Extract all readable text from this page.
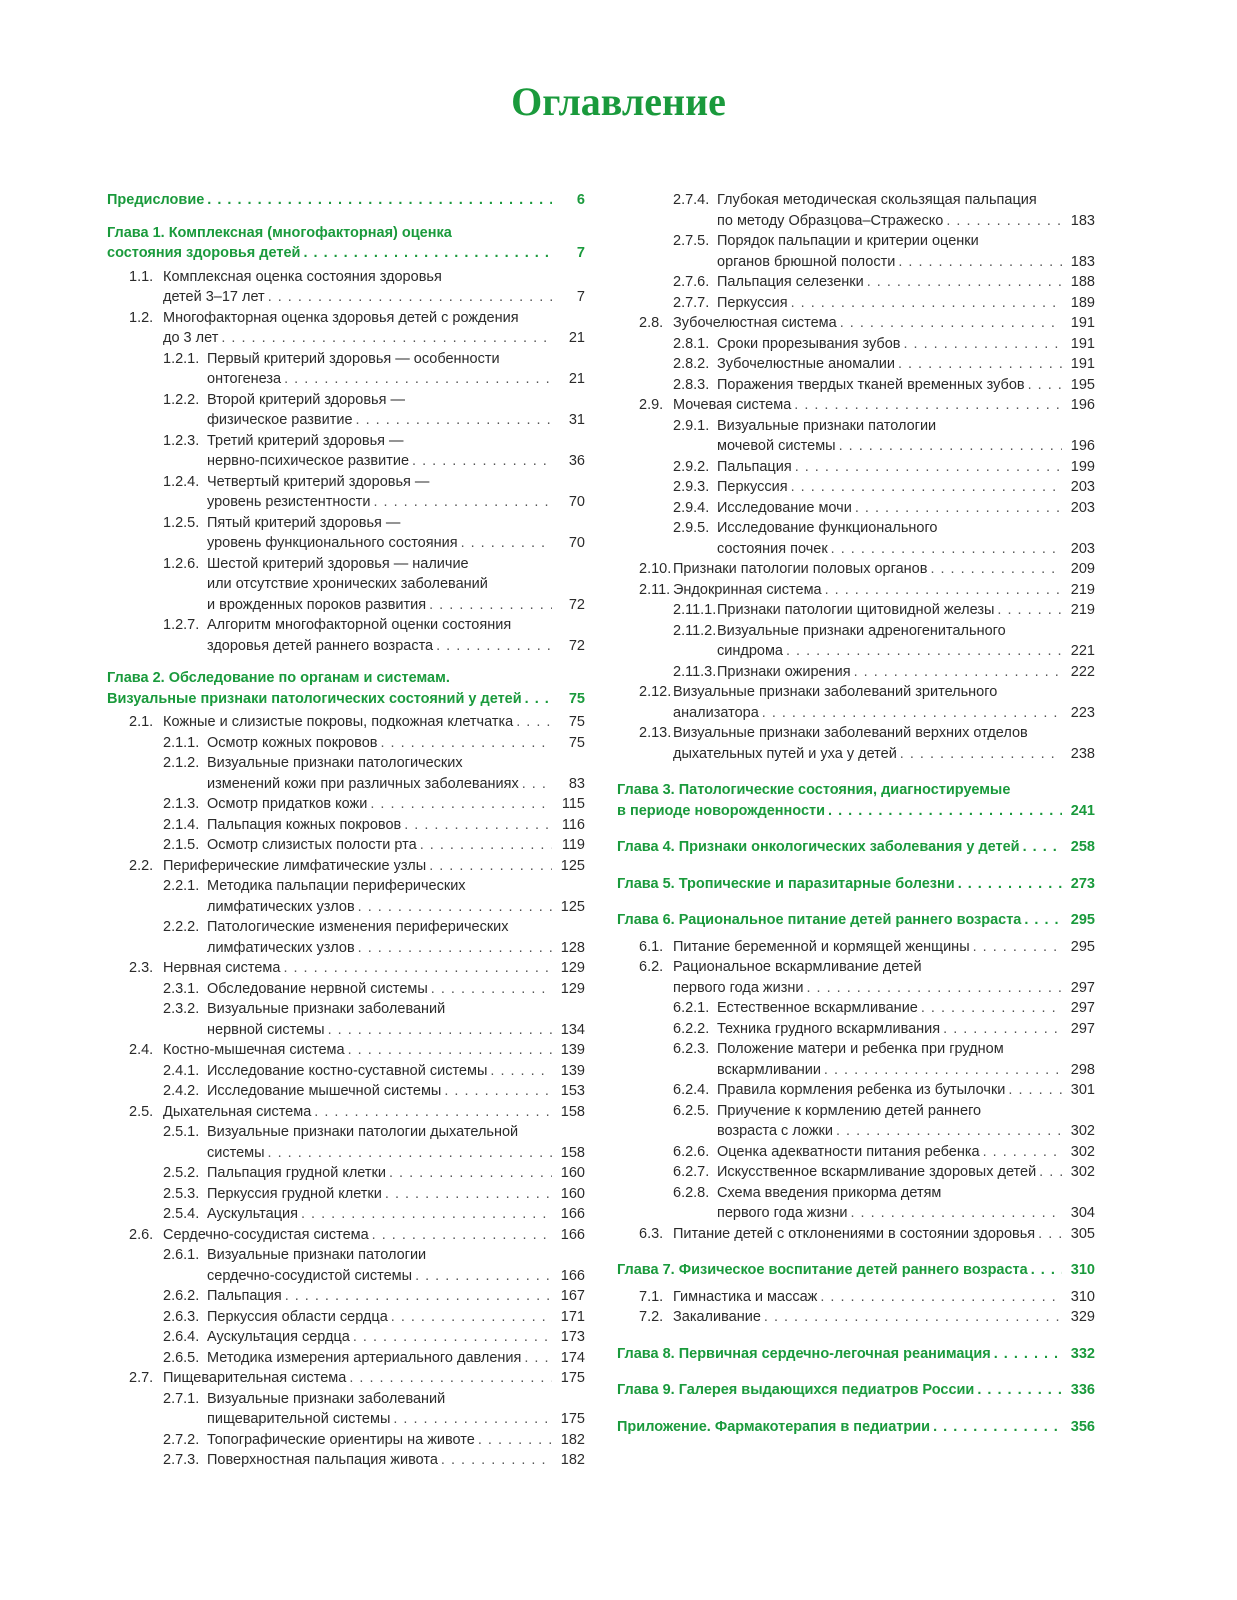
Оглавление
Предисловие . . .	6
Глава 1. Комплексная (многофакторная) оценка
состояния здоровья детей . . .	7
1.1. Комплексная оценка состояния здоровья
детей 3–17 лет . . .	7
1.2. Многофакторная оценка здоровья детей с рождения
до 3 лет . . .	21
1.2.1. Первый критерий здоровья — особенности
онтогенеза . . .	21
1.2.2. Второй критерий здоровья —
физическое развитие . . .	31
1.2.3. Третий критерий здоровья —
нервно-психическое развитие . . .	36
1.2.4. Четвертый критерий здоровья —
уровень резистентности . . .	70
1.2.5. Пятый критерий здоровья —
уровень функционального состояния . . .	70
1.2.6. Шестой критерий здоровья — наличие
или отсутствие хронических заболеваний
и врожденных пороков развития . . .	72
1.2.7. Алгоритм многофакторной оценки состояния
здоровья детей раннего возраста . . .	72
Глава 2. Обследование по органам и системам.
Визуальные признаки патологических состояний у детей . . .	75
2.1. Кожные и слизистые покровы, подкожная клетчатка . . .	75
2.1.1. Осмотр кожных покровов . . .	75
2.1.2. Визуальные признаки патологических
изменений кожи при различных заболеваниях . . .	83
2.1.3. Осмотр придатков кожи . . .	115
2.1.4. Пальпация кожных покровов . . .	116
2.1.5. Осмотр слизистых полости рта . . .	119
2.2. Периферические лимфатические узлы . . .	125
2.2.1. Методика пальпации периферических
лимфатических узлов . . .	125
2.2.2. Патологические изменения периферических
лимфатических узлов . . .	128
2.3. Нервная система . . .	129
2.3.1. Обследование нервной системы . . .	129
2.3.2. Визуальные признаки заболеваний
нервной системы . . .	134
2.4. Костно-мышечная система . . .	139
2.4.1. Исследование костно-суставной системы . . .	139
2.4.2. Исследование мышечной системы . . .	153
2.5. Дыхательная система . . .	158
2.5.1. Визуальные признаки патологии дыхательной
системы . . .	158
2.5.2. Пальпация грудной клетки . . .	160
2.5.3. Перкуссия грудной клетки . . .	160
2.5.4. Аускультация . . .	166
2.6. Сердечно-сосудистая система . . .	166
2.6.1. Визуальные признаки патологии
сердечно-сосудистой системы . . .	166
2.6.2. Пальпация . . .	167
2.6.3. Перкуссия области сердца . . .	171
2.6.4. Аускультация сердца . . .	173
2.6.5. Методика измерения артериального давления . . .	174
2.7. Пищеварительная система . . .	175
2.7.1. Визуальные признаки заболеваний
пищеварительной системы . . .	175
2.7.2. Топографические ориентиры на животе . . .	182
2.7.3. Поверхностная пальпация живота . . .	182
2.7.4. Глубокая методическая скользящая пальпация
по методу Образцова–Стражеско . . .	183
2.7.5. Порядок пальпации и критерии оценки
органов брюшной полости . . .	183
2.7.6. Пальпация селезенки . . .	188
2.7.7. Перкуссия . . .	189
2.8. Зубочелюстная система . . .	191
2.8.1. Сроки прорезывания зубов . . .	191
2.8.2. Зубочелюстные аномалии . . .	191
2.8.3. Поражения твердых тканей временных зубов . . .	195
2.9. Мочевая система . . .	196
2.9.1. Визуальные признаки патологии
мочевой системы . . .	196
2.9.2. Пальпация . . .	199
2.9.3. Перкуссия . . .	203
2.9.4. Исследование мочи . . .	203
2.9.5. Исследование функционального
состояния почек . . .	203
2.10. Признаки патологии половых органов . . .	209
2.11. Эндокринная система . . .	219
2.11.1. Признаки патологии щитовидной железы . . .	219
2.11.2. Визуальные признаки адреногенитального
синдрома . . .	221
2.11.3. Признаки ожирения . . .	222
2.12. Визуальные признаки заболеваний зрительного
анализатора . . .	223
2.13. Визуальные признаки заболеваний верхних отделов
дыхательных путей и уха у детей . . .	238
Глава 3. Патологические состояния, диагностируемые
в периоде новорожденности . . .	241
Глава 4. Признаки онкологических заболевания у детей . . .	258
Глава 5. Тропические и паразитарные болезни . . .	273
Глава 6. Рациональное питание детей раннего возраста . . .	295
6.1. Питание беременной и кормящей женщины . . .	295
6.2. Рациональное вскармливание детей
первого года жизни . . .	297
6.2.1. Естественное вскармливание . . .	297
6.2.2. Техника грудного вскармливания . . .	297
6.2.3. Положение матери и ребенка при грудном
вскармливании . . .	298
6.2.4. Правила кормления ребенка из бутылочки . . .	301
6.2.5. Приучение к кормлению детей раннего
возраста с ложки . . .	302
6.2.6. Оценка адекватности питания ребенка . . .	302
6.2.7. Искусственное вскармливание здоровых детей . . .	302
6.2.8. Схема введения прикорма детям
первого года жизни . . .	304
6.3. Питание детей с отклонениями в состоянии здоровья . . .	305
Глава 7. Физическое воспитание детей раннего возраста . . .	310
7.1. Гимнастика и массаж . . .	310
7.2. Закаливание . . .	329
Глава 8. Первичная сердечно-легочная реанимация . . .	332
Глава 9. Галерея выдающихся педиатров России . . .	336
Приложение. Фармакотерапия в педиатрии . . .	356
